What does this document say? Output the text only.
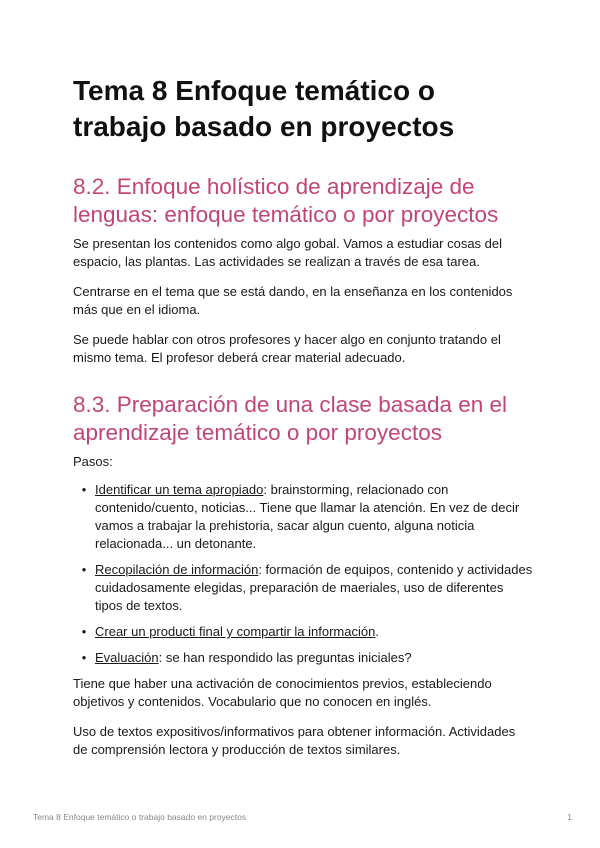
Tema 8 Enfoque temático o trabajo basado en proyectos
8.2. Enfoque holístico de aprendizaje de lenguas: enfoque temático o por proyectos

Se presentan los contenidos como algo gobal. Vamos a estudiar cosas del espacio, las plantas. Las actividades se realizan a través de esa tarea.

Centrarse en el tema que se está dando, en la enseñanza en los contenidos más que en el idioma.

Se puede hablar con otros profesores y hacer algo en conjunto tratando el mismo tema. El profesor deberá crear material adecuado.

8.3. Preparación de una clase basada en el aprendizaje temático o por proyectos

Pasos:

• Identificar un tema apropiado: brainstorming, relacionado con contenido/cuento, noticias... Tiene que llamar la atención. En vez de decir vamos a trabajar la prehistoria, sacar algun cuento, alguna noticia relacionada... un detonante.
• Recopilación de información: formación de equipos, contenido y actividades cuidadosamente elegidas, preparación de maeriales, uso de diferentes tipos de textos.
• Crear un producti final y compartir la información.
• Evaluación: se han respondido las preguntas iniciales?

Tiene que haber una activación de conocimientos previos, estableciendo objetivos y contenidos. Vocabulario que no conocen en inglés.

Uso de textos expositivos/informativos para obtener información. Actividades de comprensión lectora y producción de textos similares.

Tema 8 Enfoque temático o trabajo basado en proyectos	1
